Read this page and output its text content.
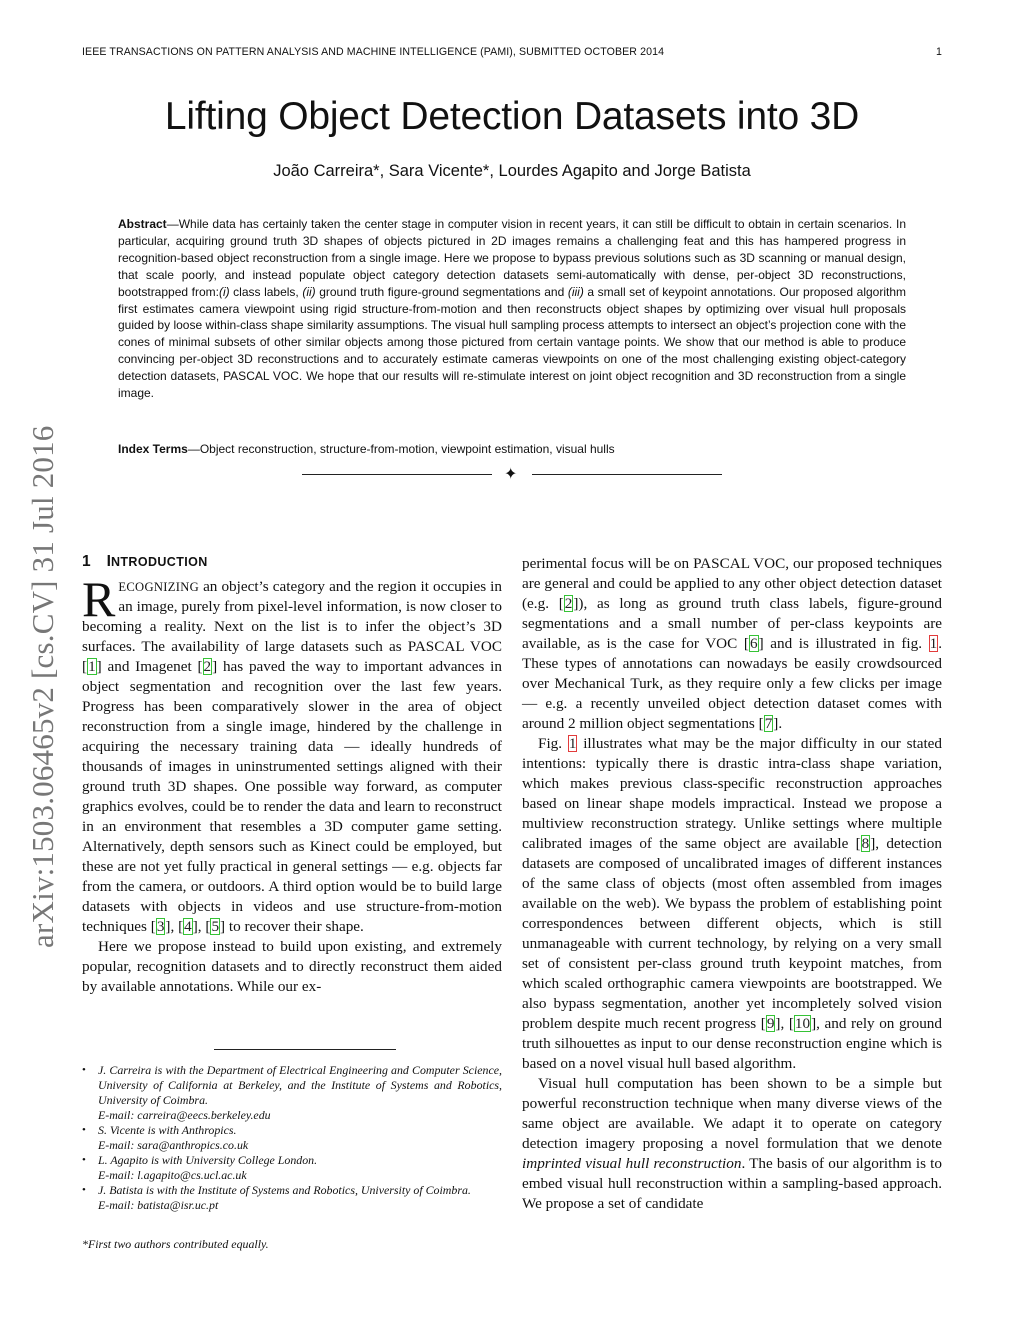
IEEE TRANSACTIONS ON PATTERN ANALYSIS AND MACHINE INTELLIGENCE (PAMI), SUBMITTED OCTOBER 2014	1
arXiv:1503.06465v2 [cs.CV] 31 Jul 2016
Lifting Object Detection Datasets into 3D
João Carreira*, Sara Vicente*, Lourdes Agapito and Jorge Batista

Abstract—While data has certainly taken the center stage in computer vision in recent years, it can still be difficult to obtain in certain scenarios. In particular, acquiring ground truth 3D shapes of objects pictured in 2D images remains a challenging feat and this has hampered progress in recognition-based object reconstruction from a single image. Here we propose to bypass previous solutions such as 3D scanning or manual design, that scale poorly, and instead populate object category detection datasets semi-automatically with dense, per-object 3D reconstructions, bootstrapped from:(i) class labels, (ii) ground truth figure-ground segmentations and (iii) a small set of keypoint annotations. Our proposed algorithm first estimates camera viewpoint using rigid structure-from-motion and then reconstructs object shapes by optimizing over visual hull proposals guided by loose within-class shape similarity assumptions. The visual hull sampling process attempts to intersect an object’s projection cone with the cones of minimal subsets of other similar objects among those pictured from certain vantage points. We show that our method is able to produce convincing per-object 3D reconstructions and to accurately estimate cameras viewpoints on one of the most challenging existing object-category detection datasets, PASCAL VOC. We hope that our results will re-stimulate interest on joint object recognition and 3D reconstruction from a single image.

Index Terms—Object reconstruction, structure-from-motion, viewpoint estimation, visual hulls

✦
1 INTRODUCTION

RECOGNIZING an object’s category and the region it occupies in an image, purely from pixel-level information, is now closer to becoming a reality. Next on the list is to infer the object’s 3D surfaces. The availability of large datasets such as PASCAL VOC [1] and Imagenet [2] has paved the way to important advances in object segmentation and recognition over the last few years. Progress has been comparatively slower in the area of object reconstruction from a single image, hindered by the challenge in acquiring the necessary training data — ideally hundreds of thousands of images in uninstrumented settings aligned with their ground truth 3D shapes. One possible way forward, as computer graphics evolves, could be to render the data and learn to reconstruct in an environment that resembles a 3D computer game setting. Alternatively, depth sensors such as Kinect could be employed, but these are not yet fully practical in general settings — e.g. objects far from the camera, or outdoors. A third option would be to build large datasets with objects in videos and use structure-from-motion techniques [3], [4], [5] to recover their shape.

Here we propose instead to build upon existing, and extremely popular, recognition datasets and to directly reconstruct them aided by available annotations. While our ex-

• J. Carreira is with the Department of Electrical Engineering and Computer Science, University of California at Berkeley, and the Institute of Systems and Robotics, University of Coimbra.
E-mail: carreira@eecs.berkeley.edu
• S. Vicente is with Anthropics.
E-mail: sara@anthropics.co.uk
• L. Agapito is with University College London.
E-mail: l.agapito@cs.ucl.ac.uk
• J. Batista is with the Institute of Systems and Robotics, University of Coimbra.
E-mail: batista@isr.uc.pt
*First two authors contributed equally.

perimental focus will be on PASCAL VOC, our proposed techniques are general and could be applied to any other object detection dataset (e.g. [2]), as long as ground truth class labels, figure-ground segmentations and a small number of per-class keypoints are available, as is the case for VOC [6] and is illustrated in fig. 1. These types of annotations can nowadays be easily crowdsourced over Mechanical Turk, as they require only a few clicks per image — e.g. a recently unveiled object detection dataset comes with around 2 million object segmentations [7].

Fig. 1 illustrates what may be the major difficulty in our stated intentions: typically there is drastic intra-class shape variation, which makes previous class-specific reconstruction approaches based on linear shape models impractical. Instead we propose a multiview reconstruction strategy. Unlike settings where multiple calibrated images of the same object are available [8], detection datasets are composed of uncalibrated images of different instances of the same class of objects (most often assembled from images available on the web). We bypass the problem of establishing point correspondences between different objects, which is still unmanageable with current technology, by relying on a very small set of consistent per-class ground truth keypoint matches, from which scaled orthographic camera viewpoints are bootstrapped. We also bypass segmentation, another yet incompletely solved vision problem despite much recent progress [9], [10], and rely on ground truth silhouettes as input to our dense reconstruction engine which is based on a novel visual hull based algorithm.

Visual hull computation has been shown to be a simple but powerful reconstruction technique when many diverse views of the same object are available. We adapt it to operate on category detection imagery proposing a novel formulation that we denote imprinted visual hull reconstruction. The basis of our algorithm is to embed visual hull reconstruction within a sampling-based approach. We propose a set of candidate
